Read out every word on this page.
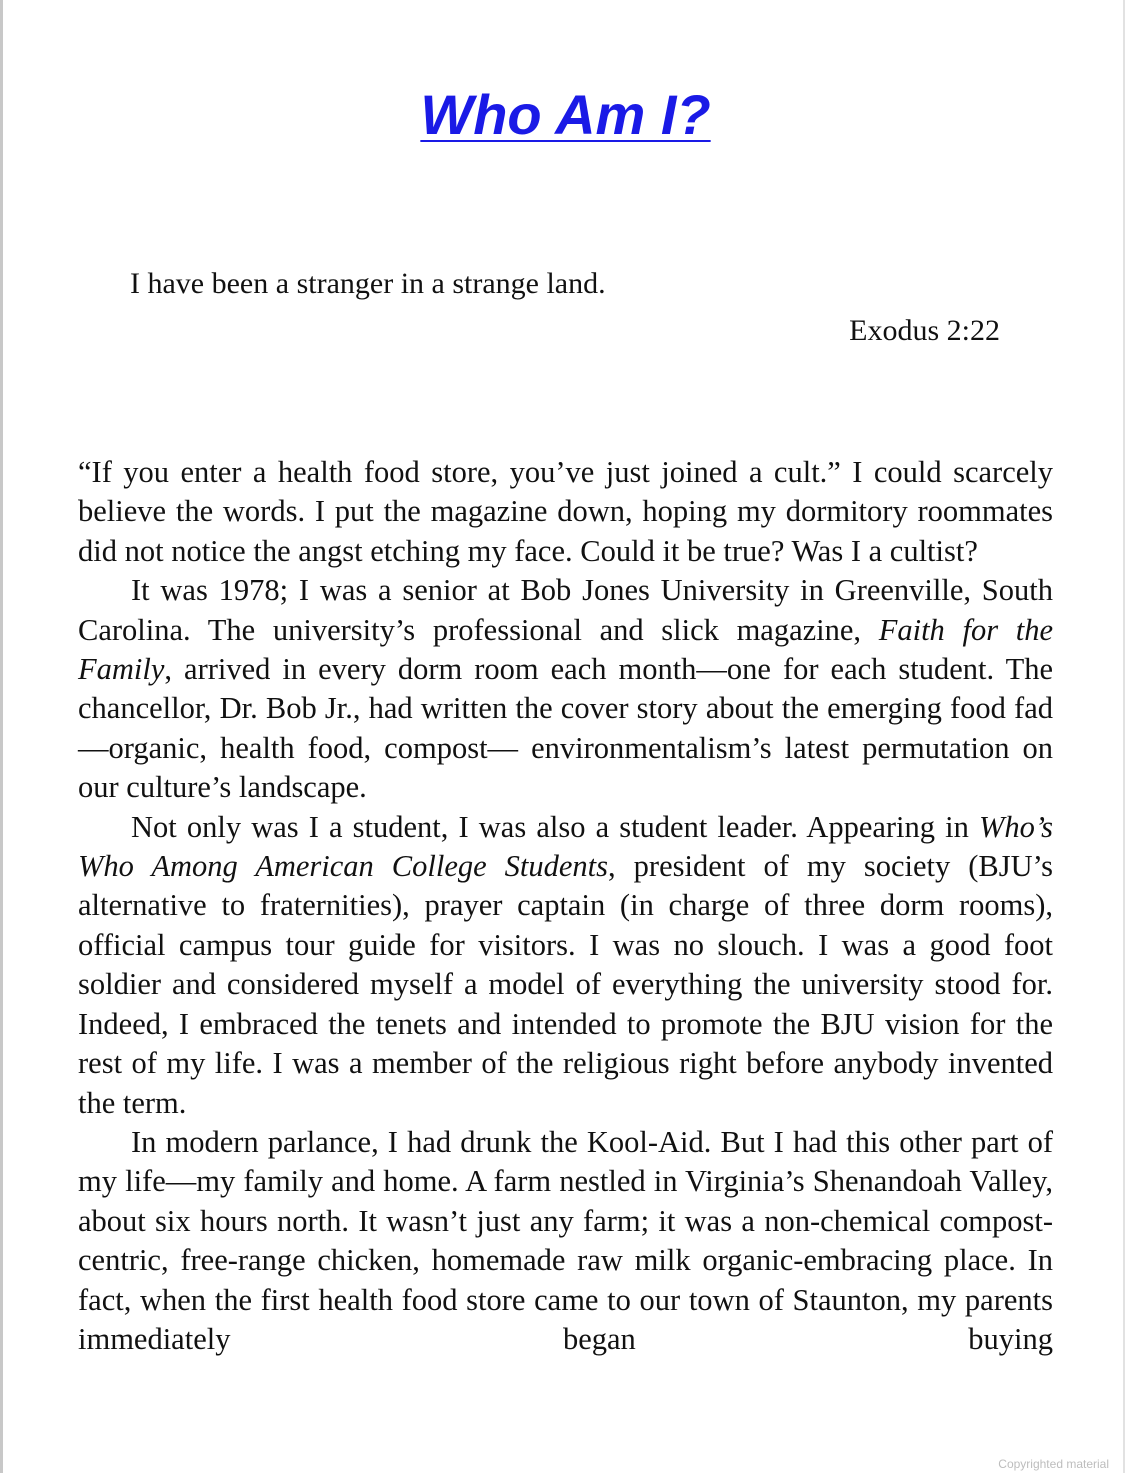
Who Am I?

I have been a stranger in a strange land.

Exodus 2:22

“If you enter a health food store, you’ve just joined a cult.” I could scarcely believe the words. I put the magazine down, hoping my dormitory roommates did not notice the angst etching my face. Could it be true? Was I a cultist?

It was 1978; I was a senior at Bob Jones University in Greenville, South Carolina. The university’s professional and slick magazine, Faith for the Family, arrived in every dorm room each month—one for each student. The chancellor, Dr. Bob Jr., had written the cover story about the emerging food fad—organic, health food, compost— environmentalism’s latest permutation on our culture’s landscape.

Not only was I a student, I was also a student leader. Appearing in Who’s Who Among American College Students, president of my society (BJU’s alternative to fraternities), prayer captain (in charge of three dorm rooms), official campus tour guide for visitors. I was no slouch. I was a good foot soldier and considered myself a model of everything the university stood for. Indeed, I embraced the tenets and intended to promote the BJU vision for the rest of my life. I was a member of the religious right before anybody invented the term.

In modern parlance, I had drunk the Kool-Aid. But I had this other part of my life—my family and home. A farm nestled in Virginia’s Shenandoah Valley, about six hours north. It wasn’t just any farm; it was a non-chemical compost-centric, free-range chicken, homemade raw milk organic-embracing place. In fact, when the first health food store came to our town of Staunton, my parents immediately began buying

Copyrighted material
